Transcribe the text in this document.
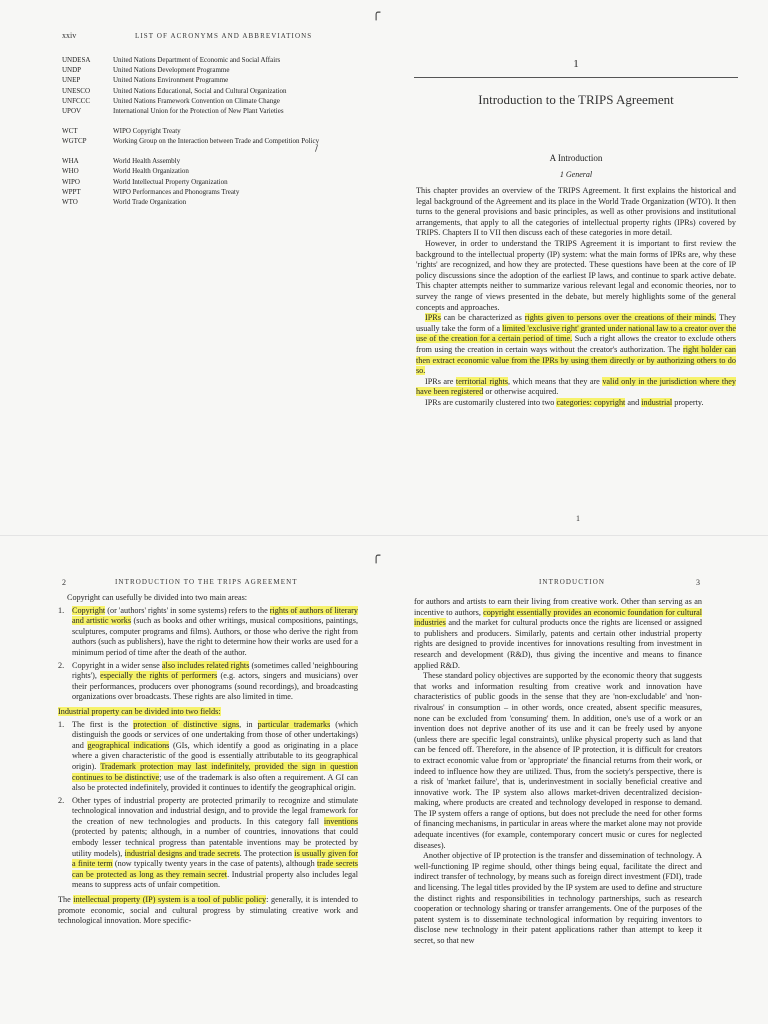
xxiv	LIST OF ACRONYMS AND ABBREVIATIONS
UNDESA	United Nations Department of Economic and Social Affairs
UNDP	United Nations Development Programme
UNEP	United Nations Environment Programme
UNESCO	United Nations Educational, Social and Cultural Organization
UNFCCC	United Nations Framework Convention on Climate Change
UPOV	International Union for the Protection of New Plant Varieties
WCT	WIPO Copyright Treaty
WGTCP	Working Group on the Interaction between Trade and Competition Policy
WHA	World Health Assembly
WHO	World Health Organization
WIPO	World Intellectual Property Organization
WPPT	WIPO Performances and Phonograms Treaty
WTO	World Trade Organization
/
╭
1
Introduction to the TRIPS Agreement
A Introduction
1 General

This chapter provides an overview of the TRIPS Agreement. It first explains the historical and legal background of the Agreement and its place in the World Trade Organization (WTO). It then turns to the general provisions and basic principles, as well as other provisions and institutional arrangements, that apply to all the categories of intellectual property rights (IPRs) covered by TRIPS. Chapters II to VII then discuss each of these categories in more detail.

However, in order to understand the TRIPS Agreement it is important to first review the background to the intellectual property (IP) system: what the main forms of IPRs are, why these 'rights' are recognized, and how they are protected. These questions have been at the core of IP policy discussions since the adoption of the earliest IP laws, and continue to spark active debate. This chapter attempts neither to summarize various relevant legal and economic theories, nor to survey the range of views presented in the debate, but merely highlights some of the general concepts and approaches.

IPRs can be characterized as rights given to persons over the creations of their minds. They usually take the form of a limited 'exclusive right' granted under national law to a creator over the use of the creation for a certain period of time. Such a right allows the creator to exclude others from using the creation in certain ways without the creator's authorization. The right holder can then extract economic value from the IPRs by using them directly or by authorizing others to do so.

IPRs are territorial rights, which means that they are valid only in the jurisdiction where they have been registered or otherwise acquired.

IPRs are customarily clustered into two categories: copyright and industrial property.

1
2	INTRODUCTION TO THE TRIPS AGREEMENT

Copyright can usefully be divided into two main areas:

1. Copyright (or 'authors' rights' in some systems) refers to the rights of authors of literary and artistic works (such as books and other writings, musical compositions, paintings, sculptures, computer programs and films). Authors, or those who derive the right from authors (such as publishers), have the right to determine how their works are used for a minimum period of time after the death of the author.

2. Copyright in a wider sense also includes related rights (sometimes called 'neighbouring rights'), especially the rights of performers (e.g. actors, singers and musicians) over their performances, producers over phonograms (sound recordings), and broadcasting organizations over broadcasts. These rights are also limited in time.

Industrial property can be divided into two fields:

1. The first is the protection of distinctive signs, in particular trademarks (which distinguish the goods or services of one undertaking from those of other undertakings) and geographical indications (GIs, which identify a good as originating in a place where a given characteristic of the good is essentially attributable to its geographical origin). Trademark protection may last indefinitely, provided the sign in question continues to be distinctive; use of the trademark is also often a requirement. A GI can also be protected indefinitely, provided it continues to identify the geographical origin.

2. Other types of industrial property are protected primarily to recognize and stimulate technological innovation and industrial design, and to provide the legal framework for the creation of new technologies and products. In this category fall inventions (protected by patents; although, in a number of countries, innovations that could embody lesser technical progress than patentable inventions may be protected by utility models), industrial designs and trade secrets. The protection is usually given for a finite term (now typically twenty years in the case of patents), although trade secrets can be protected as long as they remain secret. Industrial property also includes legal means to suppress acts of unfair competition.

The intellectual property (IP) system is a tool of public policy: generally, it is intended to promote economic, social and cultural progress by stimulating creative work and technological innovation. More specific-

╭
INTRODUCTION	3

for authors and artists to earn their living from creative work. Other than serving as an incentive to authors, copyright essentially provides an economic foundation for cultural industries and the market for cultural products once the rights are licensed or assigned to publishers and producers. Similarly, patents and certain other industrial property rights are designed to provide incentives for innovations resulting from investment in research and development (R&D), thus giving the incentive and means to finance applied R&D.

These standard policy objectives are supported by the economic theory that suggests that works and information resulting from creative work and innovation have characteristics of public goods in the sense that they are 'non-excludable' and 'non-rivalrous' in consumption – in other words, once created, absent specific measures, none can be excluded from 'consuming' them. In addition, one's use of a work or an invention does not deprive another of its use and it can be freely used by anyone (unless there are specific legal constraints), unlike physical property such as land that can be fenced off. Therefore, in the absence of IP protection, it is difficult for creators to extract economic value from or 'appropriate' the financial returns from their work, or indeed to influence how they are utilized. Thus, from the society's perspective, there is a risk of 'market failure', that is, underinvestment in socially beneficial creative and innovative work. The IP system also allows market-driven decentralized decision-making, where products are created and technology developed in response to demand. The IP system offers a range of options, but does not preclude the need for other forms of financing mechanisms, in particular in areas where the market alone may not provide adequate incentives (for example, contemporary concert music or cures for neglected diseases).

Another objective of IP protection is the transfer and dissemination of technology. A well-functioning IP regime should, other things being equal, facilitate the direct and indirect transfer of technology, by means such as foreign direct investment (FDI), trade and licensing. The legal titles provided by the IP system are used to define and structure the distinct rights and responsibilities in technology partnerships, such as research cooperation or technology sharing or transfer arrangements. One of the purposes of the patent system is to disseminate technological information by requiring inventors to disclose new technology in their patent applications rather than attempt to keep it secret, so that new
